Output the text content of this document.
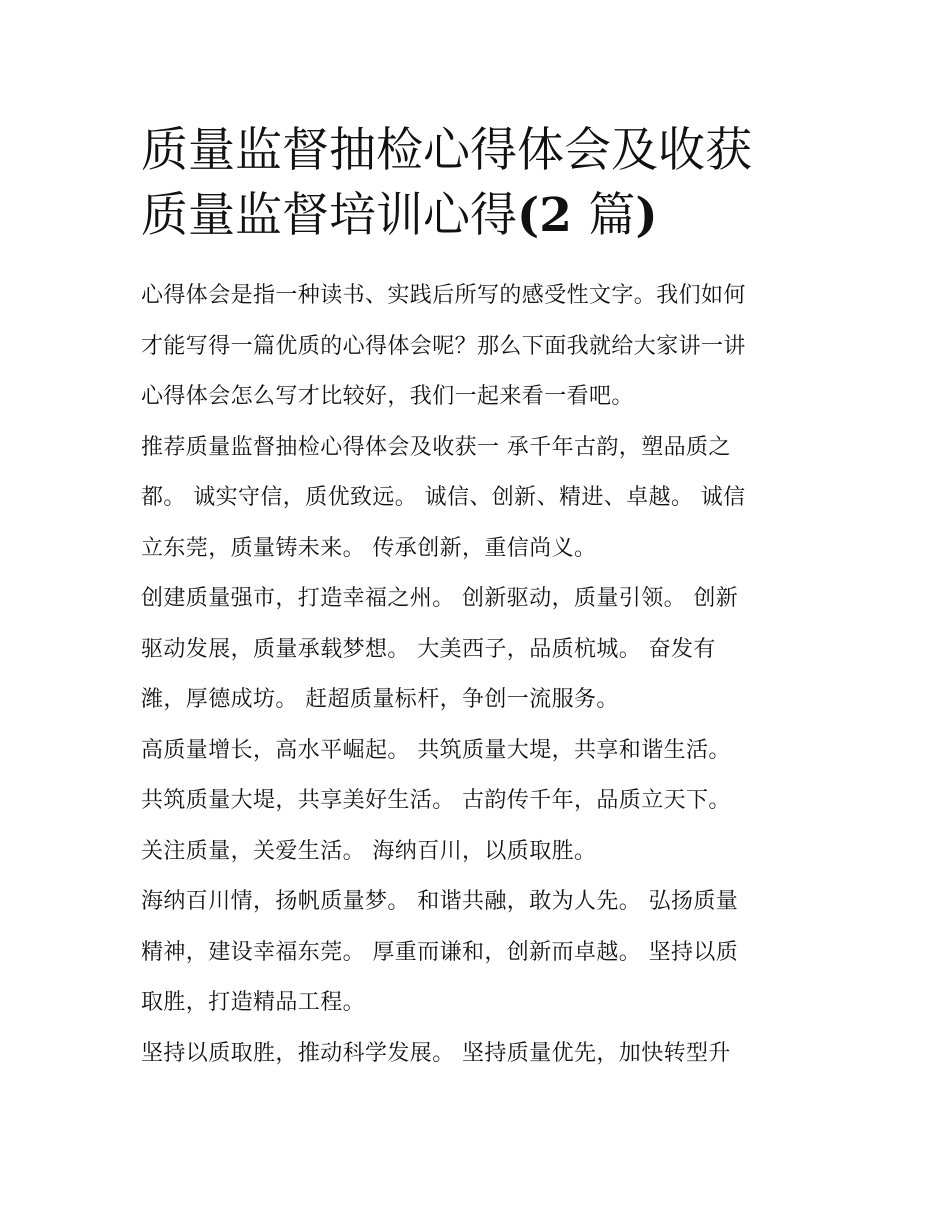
质量监督抽检心得体会及收获
质量监督培训心得(2 篇)

心得体会是指一种读书、实践后所写的感受性文字。我们如何
才能写得一篇优质的心得体会呢？那么下面我就给大家讲一讲
心得体会怎么写才比较好，我们一起来看一看吧。

推荐质量监督抽检心得体会及收获一 承千年古韵，塑品质之
都。 诚实守信，质优致远。 诚信、创新、精进、卓越。 诚信
立东莞，质量铸未来。 传承创新，重信尚义。

创建质量强市，打造幸福之州。 创新驱动，质量引领。 创新
驱动发展，质量承载梦想。 大美西子，品质杭城。 奋发有
潍，厚德成坊。 赶超质量标杆，争创一流服务。

高质量增长，高水平崛起。 共筑质量大堤，共享和谐生活。
共筑质量大堤，共享美好生活。 古韵传千年，品质立天下。
关注质量，关爱生活。 海纳百川，以质取胜。

海纳百川情，扬帆质量梦。 和谐共融，敢为人先。 弘扬质量
精神，建设幸福东莞。 厚重而谦和，创新而卓越。 坚持以质
取胜，打造精品工程。

坚持以质取胜，推动科学发展。 坚持质量优先，加快转型升
